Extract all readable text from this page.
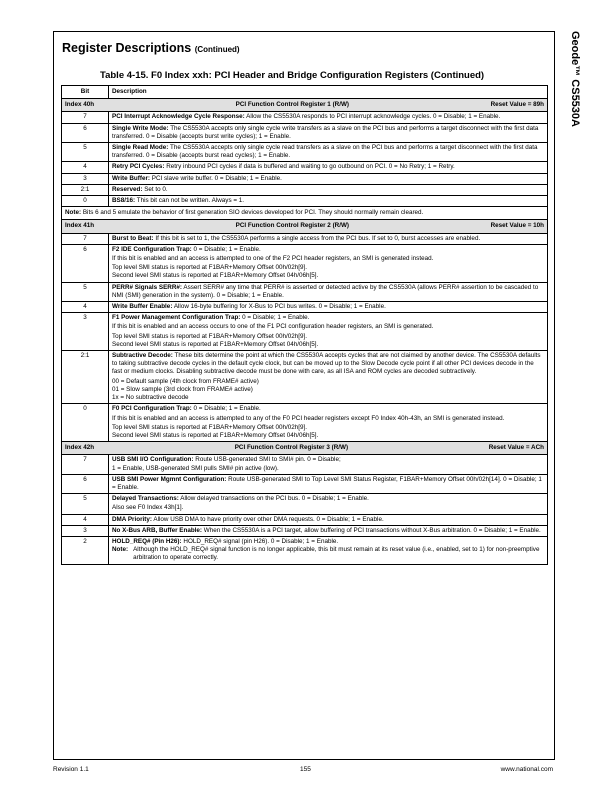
Geode™ CS5530A
Register Descriptions (Continued)
Table 4-15. F0 Index xxh: PCI Header and Bridge Configuration Registers (Continued)
Bit	Description

Index 40h PCI Function Control Register 1 (R/W) Reset Value = 89h	

7	PCI Interrupt Acknowledge Cycle Response: Allow the CS5530A responds to PCI interrupt acknowledge cycles. 0 = Disable; 1 = Enable.

6	Single Write Mode: The CS5530A accepts only single cycle write transfers as a slave on the PCI bus and performs a target disconnect with the first data transferred. 0 = Disable (accepts burst write cycles); 1 = Enable.

5	Single Read Mode: The CS5530A accepts only single cycle read transfers as a slave on the PCI bus and performs a target disconnect with the first data transferred. 0 = Disable (accepts burst read cycles); 1 = Enable.

4	Retry PCI Cycles: Retry inbound PCI cycles if data is buffered and waiting to go outbound on PCI. 0 = No Retry; 1 = Retry.

3	Write Buffer: PCI slave write buffer. 0 = Disable; 1 = Enable.

2:1	Reserved: Set to 0.

0	BS8/16: This bit can not be written. Always = 1.

Note: Bits 6 and 5 emulate the behavior of first generation SIO devices developed for PCI. They should normally remain cleared.	

Index 41h PCI Function Control Register 2 (R/W) Reset Value = 10h	

7	Burst to Beat: If this bit is set to 1, the CS5530A performs a single access from the PCI bus. If set to 0, burst accesses are enabled.

6	F2 IDE Configuration Trap: 0 = Disable; 1 = Enable.
If this bit is enabled and an access is attempted to one of the F2 PCI header registers, an SMI is generated instead.
Top level SMI status is reported at F1BAR+Memory Offset 00h/02h[9].
Second level SMI status is reported at F1BAR+Memory Offset 04h/06h[5].

5	PERR# Signals SERR#: Assert SERR# any time that PERR# is asserted or detected active by the CS5530A (allows PERR# assertion to be cascaded to NMI (SMI) generation in the system). 0 = Disable; 1 = Enable.

4	Write Buffer Enable: Allow 16-byte buffering for X-Bus to PCI bus writes. 0 = Disable; 1 = Enable.

3	F1 Power Management Configuration Trap: 0 = Disable; 1 = Enable.
If this bit is enabled and an access occurs to one of the F1 PCI configuration header registers, an SMI is generated.
Top level SMI status is reported at F1BAR+Memory Offset 00h/02h[9].
Second level SMI status is reported at F1BAR+Memory Offset 04h/06h[5].

2:1	Subtractive Decode: These bits determine the point at which the CS5530A accepts cycles that are not claimed by another device. The CS5530A defaults to taking subtractive decode cycles in the default cycle clock, but can be moved up to the Slow Decode cycle point if all other PCI devices decode in the fast or medium clocks. Disabling subtractive decode must be done with care, as all ISA and ROM cycles are decoded subtractively.
00 = Default sample (4th clock from FRAME# active)
01 = Slow sample (3rd clock from FRAME# active)
1x = No subtractive decode

0	F0 PCI Configuration Trap: 0 = Disable; 1 = Enable.
If this bit is enabled and an access is attempted to any of the F0 PCI header registers except F0 Index 40h-43h, an SMI is generated instead.
Top level SMI status is reported at F1BAR+Memory Offset 00h/02h[9].
Second level SMI status is reported at F1BAR+Memory Offset 04h/06h[5].

Index 42h PCI Function Control Register 3 (R/W) Reset Value = ACh	

7	USB SMI I/O Configuration: Route USB-generated SMI to SMI# pin. 0 = Disable;
1 = Enable, USB-generated SMI pulls SMI# pin active (low).

6	USB SMI Power Mgmnt Configuration: Route USB-generated SMI to Top Level SMI Status Register, F1BAR+Memory Offset 00h/02h[14]. 0 = Disable; 1 = Enable.

5	Delayed Transactions: Allow delayed transactions on the PCI bus. 0 = Disable; 1 = Enable.
Also see F0 Index 43h[1].

4	DMA Priority: Allow USB DMA to have priority over other DMA requests. 0 = Disable; 1 = Enable.

3	No X-Bus ARB, Buffer Enable: When the CS5530A is a PCI target, allow buffering of PCI transactions without X-Bus arbitration. 0 = Disable; 1 = Enable.

2	HOLD_REQ# (Pin H26): HOLD_REQ# signal (pin H26). 0 = Disable; 1 = Enable.
Note: Although the HOLD_REQ# signal function is no longer applicable, this bit must remain at its reset value (i.e., enabled, set to 1) for non-preemptive arbitration to operate correctly.
Revision 1.1	155	www.national.com
